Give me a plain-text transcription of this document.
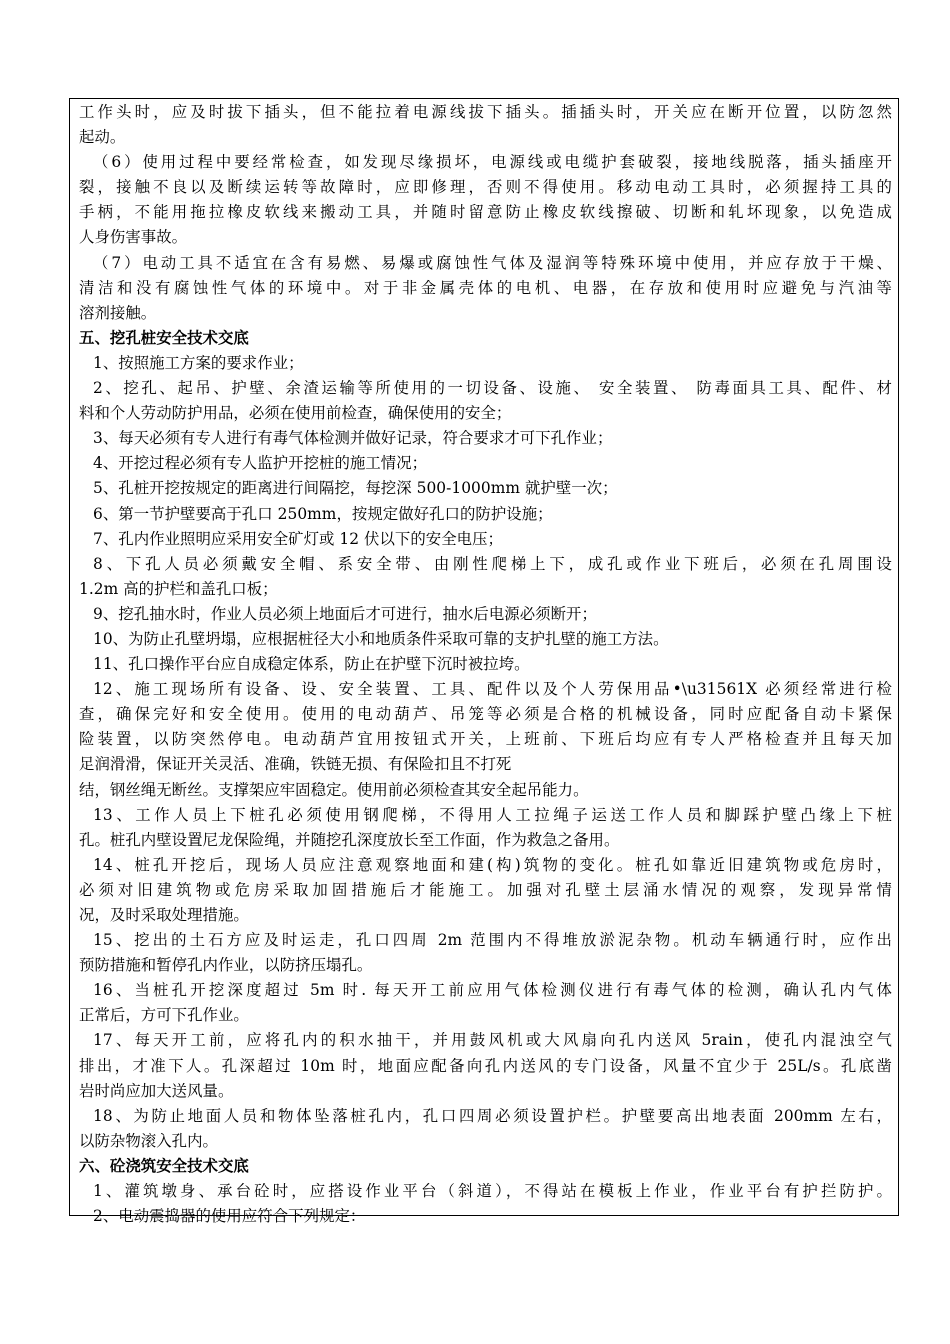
工作头时，应及时拔下插头，但不能拉着电源线拔下插头。插插头时，开关应在断开位置，以防忽然
起动。
（6）使用过程中要经常检查，如发现尽缘损坏，电源线或电缆护套破裂，接地线脱落，插头插座开
裂，接触不良以及断续运转等故障时，应即修理，否则不得使用。移动电动工具时，必须握持工具的
手柄，不能用拖拉橡皮软线来搬动工具，并随时留意防止橡皮软线擦破、切断和轧坏现象，以免造成
人身伤害事故。
（7）电动工具不适宜在含有易燃、易爆或腐蚀性气体及湿润等特殊环境中使用，并应存放于干燥、
清洁和没有腐蚀性气体的环境中。对于非金属壳体的电机、电器，在存放和使用时应避免与汽油等
溶剂接触。
五、挖孔桩安全技术交底
1、按照施工方案的要求作业；
2、挖孔、起吊、护壁、余渣运输等所使用的一切设备、设施、 安全装置、 防毒面具工具、配件、材
料和个人劳动防护用品，必须在使用前检查，确保使用的安全；
3、每天必须有专人进行有毒气体检测并做好记录，符合要求才可下孔作业；
4、开挖过程必须有专人监护开挖桩的施工情况；
5、孔桩开挖按规定的距离进行间隔挖，每挖深 500-1000mm 就护壁一次；
6、第一节护壁要高于孔口 250mm，按规定做好孔口的防护设施；
7、孔内作业照明应采用安全矿灯或 12 伏以下的安全电压；
8、下孔人员必须戴安全帽、系安全带、由刚性爬梯上下，成孔或作业下班后，必须在孔周围设
1.2m 高的护栏和盖孔口板；
9、挖孔抽水时，作业人员必须上地面后才可进行，抽水后电源必须断开；
10、为防止孔壁坍塌，应根据桩径大小和地质条件采取可靠的支护扎壁的施工方法。
11、孔口操作平台应自成稳定体系，防止在护壁下沉时被拉垮。
12、施工现场所有设备、设、安全装置、工具、配件以及个人劳保用品•\u31561X 必须经常进行检
查，确保完好和安全使用。使用的电动葫芦、吊笼等必须是合格的机械设备，同时应配备自动卡紧保
险装置，以防突然停电。电动葫芦宜用按钮式开关，上班前、下班后均应有专人严格检查并且每天加
足润滑滑，保证开关灵活、准确，铁链无损、有保险扣且不打死
结，钢丝绳无断丝。支撑架应牢固稳定。使用前必须检查其安全起吊能力。
13、工作人员上下桩孔必须使用钢爬梯，不得用人工拉绳子运送工作人员和脚踩护壁凸缘上下桩
孔。桩孔内壁设置尼龙保险绳，并随挖孔深度放长至工作面，作为救急之备用。
14、桩孔开挖后，现场人员应注意观察地面和建(构)筑物的变化。桩孔如靠近旧建筑物或危房时，
必须对旧建筑物或危房采取加固措施后才能施工。加强对孔壁土层涌水情况的观察，发现异常情
况，及时采取处理措施。
15、挖出的土石方应及时运走，孔口四周 2m 范围内不得堆放淤泥杂物。机动车辆通行时，应作出
预防措施和暂停孔内作业，以防挤压塌孔。
16、当桩孔开挖深度超过 5m 时. 每天开工前应用气体检测仪进行有毒气体的检测，确认孔内气体
正常后，方可下孔作业。
17、每天开工前，应将孔内的积水抽干，并用鼓风机或大风扇向孔内送风 5rain，使孔内混浊空气
排出，才准下人。孔深超过 10m 时，地面应配备向孔内送风的专门设备，风量不宜少于 25L/s。孔底凿
岩时尚应加大送风量。
18、为防止地面人员和物体坠落桩孔内，孔口四周必须设置护栏。护壁要高出地表面 200mm 左右，
以防杂物滚入孔内。
六、砼浇筑安全技术交底
1、灌筑墩身、承台砼时，应搭设作业平台（斜道），不得站在模板上作业，作业平台有护拦防护。
2、电动震捣器的使用应符合下列规定：
